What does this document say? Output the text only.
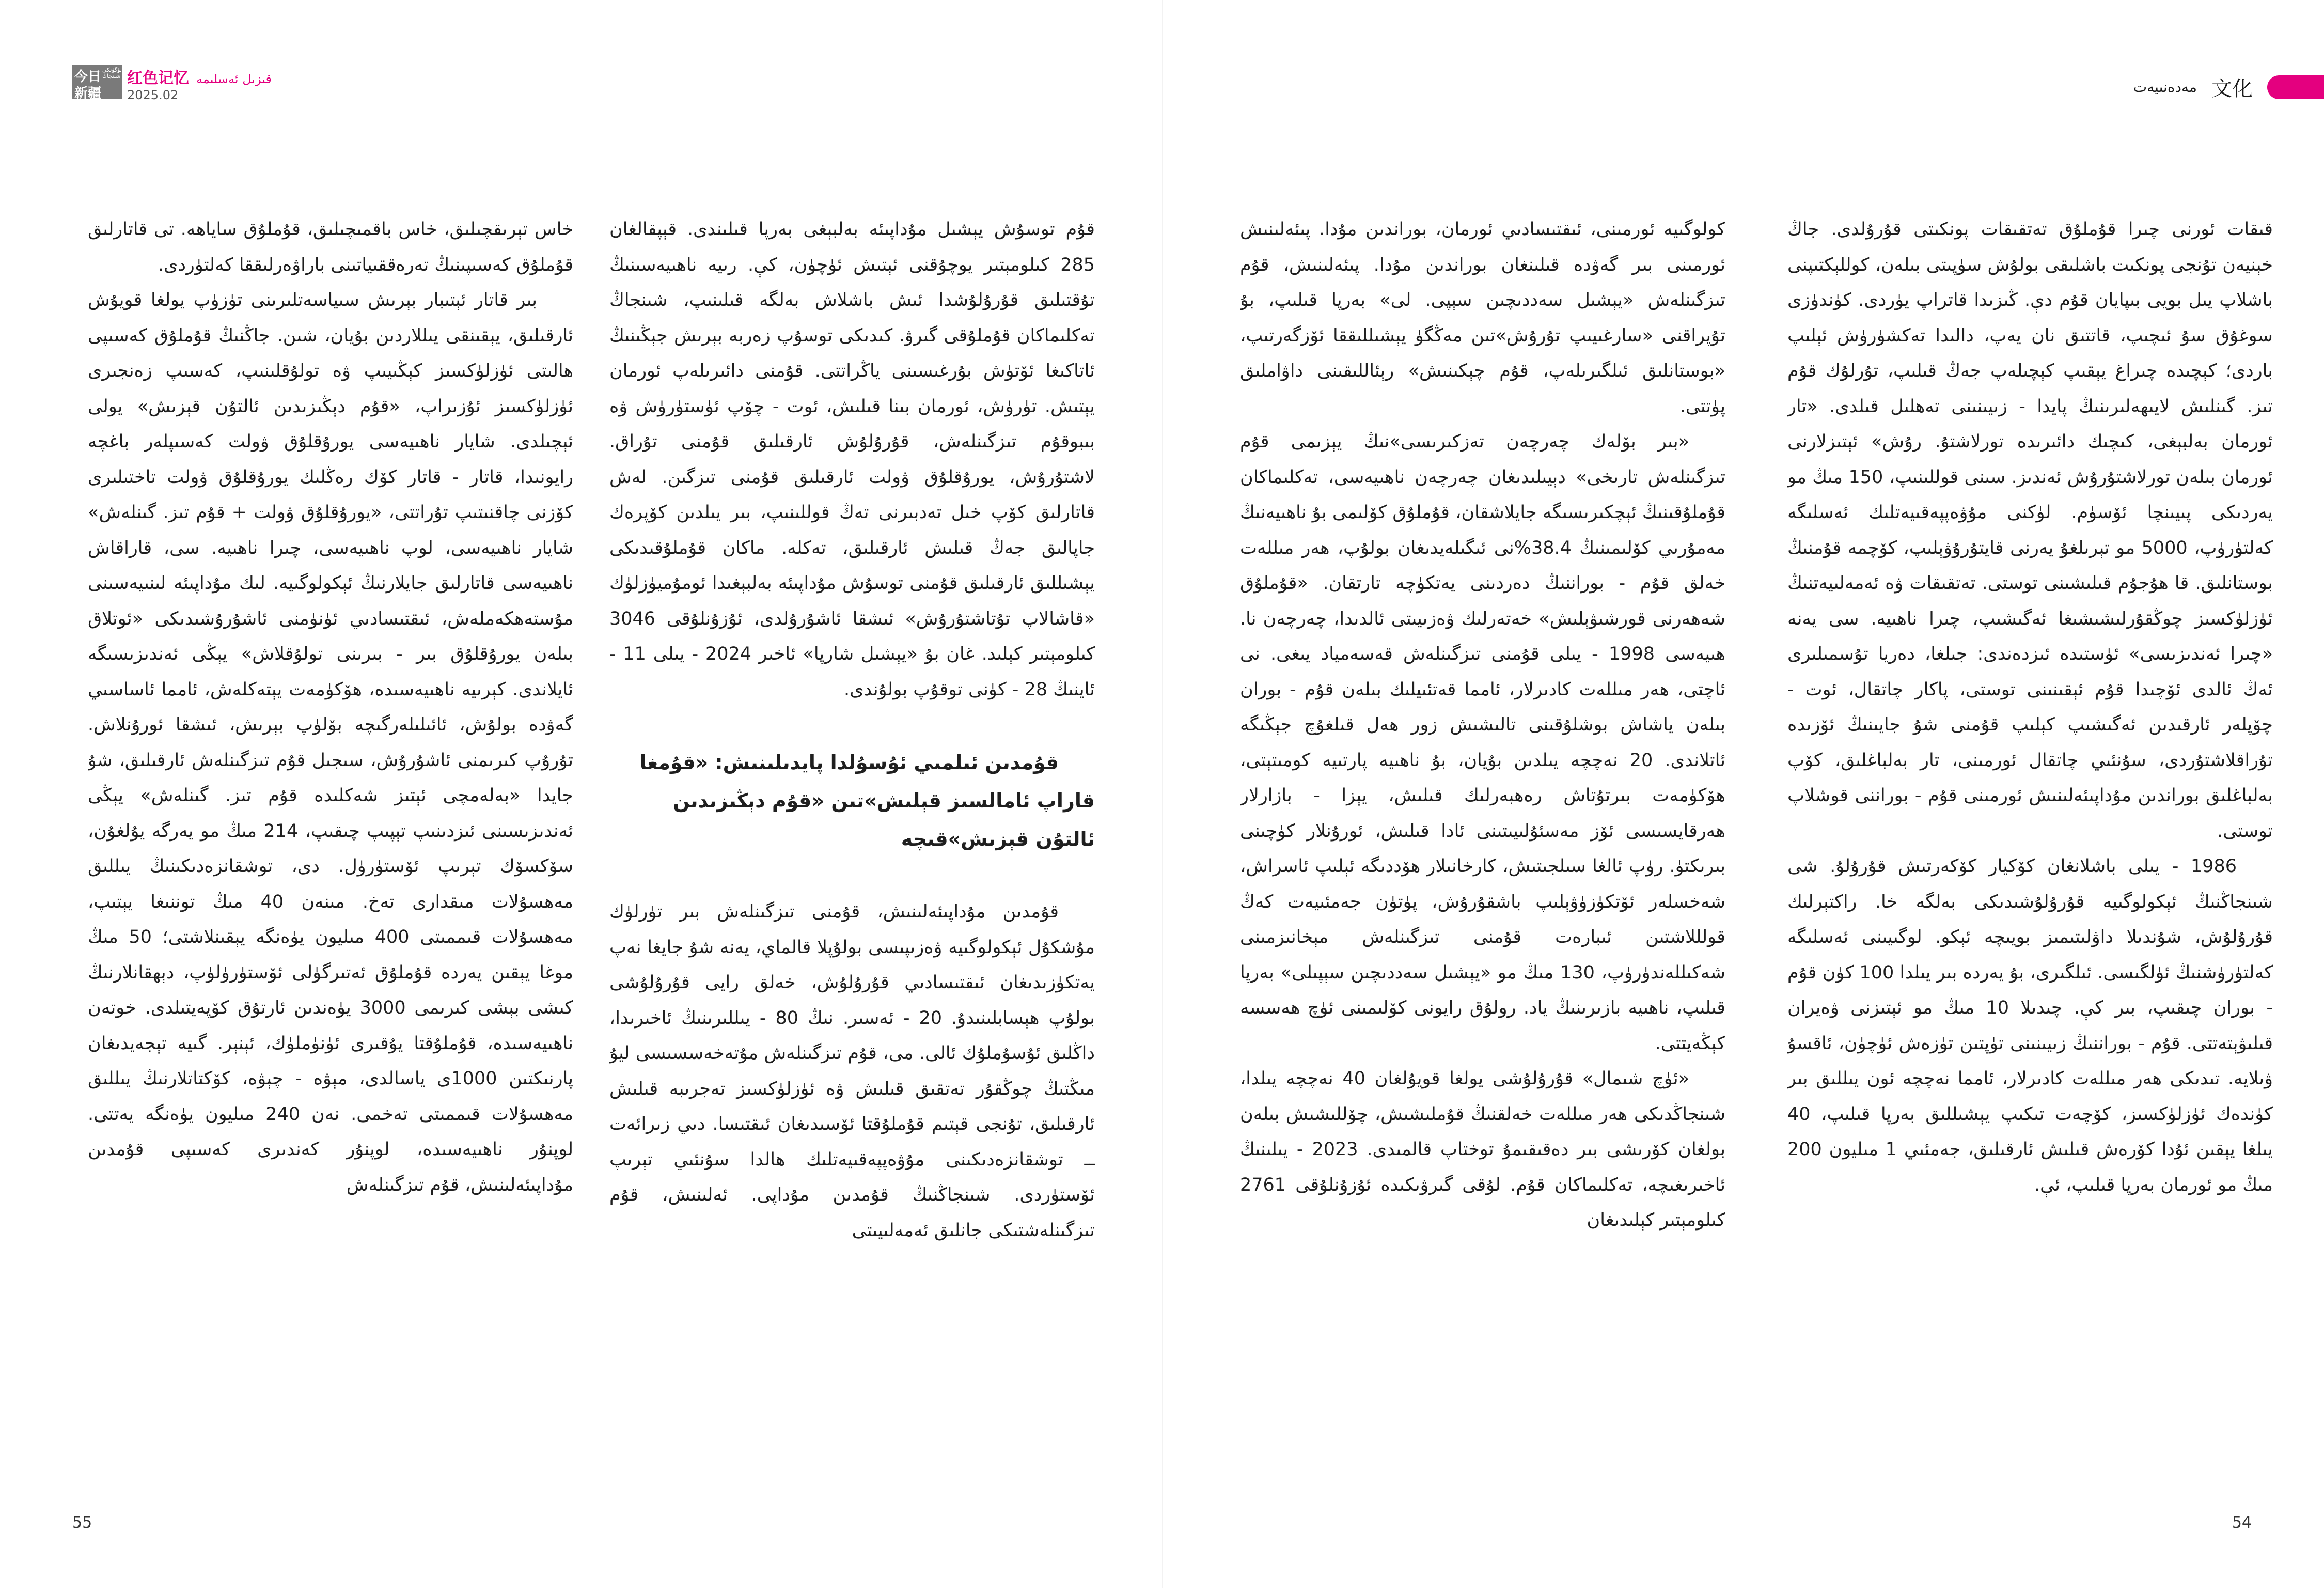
今日
新疆
بۈگۈنكى شىنجاڭ 红色记忆 قىزىل ئەسلىمە
2025.02

قۇم توسۇش يېشىل مۇداپىئە بەلبېغى بەرپا قىلىندى. قېپقالغان 285 كىلومېتىر يوچۇقنى ئېتىش ئۈچۈن، كې. رىيە ناھىيەسىنىڭ تۇقتىلىق قۇرۇلۇشدا ئىش باشلاش بەلگە قىلىنىپ، شىنجاڭ تەكلىماكان قۇملۇقى گىرۋ. كىدىكى توسۇپ زەربە بېرىش جېڭىنىڭ ئاتاكىغا ئۆتۈش بۇرغىسىنى ياڭراتتى. قۇمنى دائىرىلەپ ئورمان يېتىش. تۈرۈش، ئورمان بىنا قىلىش، ئوت - چۆپ ئۈستۈرۈش ۋە بىبوقۇم تىزگىنلەش، قۇرۇلۇش ئارقىلىق قۇمنى تۇراق. لاشتۇرۇش، يورۇقلۇق ۋولت ئارقىلىق قۇمنى تىزگىن. لەش قاتارلىق كۆپ خىل تەدبىرنى تەڭ قوللىنىپ، بىر يىلدىن كۆپرەك جاپالىق جەڭ قىلىش ئارقىلىق، تەكلە. ماكان قۇملۇقىدىكى يېشىللىق ئارقىلىق قۇمنى توسۇش مۇداپىئە بەلبېغىدا ئومۇميۈزلۈك «قاشالاپ تۇتاشتۇرۇش» ئىشقا ئاشۇرۇلدى، ئۇزۇنلۇقى 3046 كىلومېتىر كېلىد. غان بۇ «يېشىل شارپا» ئاخىر 2024 - يىلى 11 - ئاينىڭ 28 - كۈنى توقۇپ بولۇندى.

قۇمدىن ئىلمىي ئۇسۇلدا پايدىلىنىش: «قۇمغا قاراپ ئامالسىز قېلىش»تىن «قۇم دېڭىزىدىن ئالتۇن قېزىش»قىچە

قۇمدىن مۇداپىئەلىنىش، قۇمنى تىزگىنلەش بىر تۈرلۈك مۇشكۇل ئېكولوگىيە ۋەزىپىسى بولۇپلا قالماي، يەنە شۇ جايغا نەپ يەتكۈزىدىغان ئىقتىسادىي قۇرۇلۇش، خەلق رايى قۇرۇلۇشى بولۇپ ھېسابلىنىدۇ. 20 - ئەسىر. نىڭ 80 - يىللىرىنىڭ ئاخىرىدا، داڭلىق ئۇسۇملۇك ئالى. مى، قۇم تىزگىنلەش مۇتەخەسسىسى ليۇ مىڭتىڭ چوڭقۇر تەتقىق قىلىش ۋە ئۈزلۈكسىز تەجرىبە قىلىش ئارقىلىق، تۇنجى قېتىم قۇملۇقتا ئۆسىدىغان ئىقتىسا. دىي زىرائەت ــ توشقانزەدىكىنى مۇۋەپپەقىيەتلىك ھالدا سۇنئىي تېرىپ ئۆستۈردى. شىنجاڭنىڭ قۇمدىن مۇداپى. ئەلىنىش، قۇم تىزگىنلەشتىكى جانلىق ئەمەلىيىتى

خاس تېرىقچىلىق، خاس باقمىچىلىق، قۇملۇق ساياھە. تى قاتارلىق قۇملۇق كەسىپىنىڭ تەرەققىياتىنى باراۋەرلىققا كەلتۈردى.

بىر قاتار ئېتىبار بېرىش سىياسەتلىرىنى تۈزۈپ يولغا قويۇش ئارقىلىق، يېقىنقى يىللاردىن بۇيان، شىن. جاڭنىڭ قۇملۇق كەسىپى ھالىتى ئۈزلۈكسىز كېڭىيىپ ۋە تولۇقلىنىپ، كەسىپ زەنجىرى ئۈزلۈكسىز ئۇزىراپ، «قۇم دېڭىزىدىن ئالتۇن قېزىش» يولى ئېچىلدى. شايار ناھىيەسى يورۇقلۇق ۋولت كەسىپلەر باغچە رايونىدا، قاتار - قاتار كۆك رەڭلىك يورۇقلۇق ۋولت تاختىلىرى كۆزنى چاقنىتىپ تۇراتتى، «يورۇقلۇق ۋولت + قۇم تىز. گىنلەش» شايار ناھىيەسى، لوپ ناھىيەسى، چىرا ناھىيە. سى، قاراقاش ناھىيەسى قاتارلىق جايلارنىڭ ئېكولوگىيە. لىك مۇداپىئە لىنىيەسىنى مۇستەھكەملەش، ئىقتىسادىي ئۈنۈمنى ئاشۇرۇشىدىكى «ئوتلاق بىلەن يورۇقلۇق بىر - بىرىنى تولۇقلاش» يېڭى ئەندىزىسىگە ئايلاندى. كېرىيە ناھىيەسىدە، ھۆكۈمەت يېتەكلەش، ئامما ئاساسىي گەۋدە بولۇش، ئائىلىلەرگىچە بۆلۈپ بېرىش، ئىشقا ئورۇنلاش. تۇرۇپ كىرىمنى ئاشۇرۇش، سىجىل قۇم تىزگىنلەش ئارقىلىق، شۇ جايدا «بەلەمچى ئېتىز شەكلىدە قۇم تىز. گىنلەش» يېڭى ئەندىزىسىنى ئىزدىنىپ تېپىپ چىقىپ، 214 مىڭ مو يەرگە يۇلغۇن، سۆكسۆك تېرىپ ئۆستۈرۈل. دى، توشقانزەدىكىنىڭ يىللىق مەھسۇلات مىقدارى تەخ. مىنەن 40 مىڭ توننىغا يېتىپ، مەھسۇلات قىممىتى 400 مىليون يۈەنگە يېقىنلاشتى؛ 50 مىڭ موغا يېقىن يەردە قۇملۇق ئەتىرگۈلى ئۆستۈرۈلۈپ، دېھقانلارنىڭ كىشى بېشى كىرىمى 3000 يۈەندىن ئارتۇق كۆپەيتىلدى. خوتەن ناھىيەسىدە، قۇملۇقتا يۇقىرى ئۈنۈملۈك، ئېنېر. گىيە تېجەيدىغان پارنىكتىن 1000ى ياسالدى، مېۋە - چېۋە، كۆكتاتلارنىڭ يىللىق مەھسۇلات قىممىتى تەخمى. نەن 240 مىليون يۈەنگە يەتتى. لوپنۇر ناھىيەسىدە، لوپنۇر كەندىرى كەسىپى قۇمدىن مۇداپىئەلىنىش، قۇم تىزگىنلەش

55
مەدەنىيەت 文化

قىقات ئورنى چىرا قۇملۇق تەتقىقات پونكىتى قۇرۇلدى. جاڭ خېنيەن تۇنجى پونكىت باشلىقى بولۇش سۈپىتى بىلەن، كوللېكتىپنى باشلاپ يىل بويى بىپايان قۇم دې. ڭىزىدا قاتراپ يۈردى. كۈندۈزى سوغۇق سۇ ئىچىپ، قاتتىق نان يەپ، دالىدا تەكشۈرۈش ئېلىپ باردى؛ كېچىدە چىراغ يېقىپ كېچىلەپ جەڭ قىلىپ، تۇرلۇك قۇم تىز. گىنلىش لايىھەلىرىنىڭ پايدا - زىيىنىنى تەھلىل قىلدى. «تار ئورمان بەلبېغى، كىچىك دائىرىدە تورلاشتۇ. رۇش» ئېتىزلارنى ئورمان بىلەن تورلاشتۇرۇش ئەندىز. سىنى قوللىنىپ، 150 مىڭ مو يەردىكى پىيىنچا ئۆسۈم. لۈكنى مۇۋەپپەقىيەتلىك ئەسلىگە كەلتۈرۈپ، 5000 مو تېرىلغۇ يەرنى قايتۇرۇۋېلىپ، كۆچمە قۇمنىڭ بوستانلىق. قا ھۇجۇم قىلىشىنى توستى. تەتقىقات ۋە ئەمەلىيەتنىڭ ئۈزلۈكسىز چوڭقۇرلىشىشىغا ئەگىشىپ، چىرا ناھىيە. سى يەنە «چىرا ئەندىزىسى» ئۈستىدە ئىزدەندى: جىلغا، دەريا تۇسمىلىرى ئەڭ ئالدى ئۆچىدا قۇم ئېقىنىنى توستى، پاكار چاتقال، ئوت - چۆپلەر ئارقىدىن ئەگىشىپ كېلىپ قۇمنى شۇ جايىنىڭ ئۆزىدە تۇراقلاشتۇردى، سۇنئىي چاتقال ئورمىنى، تار بەلباغلىق، كۆپ بەلباغلىق بوراندىن مۇداپىئەلىنىش ئورمىنى قۇم - بوراننى قوشلاپ توستى.

1986 - يىلى باشلانغان كۆكيار كۆكەرتىش قۇرۇلۇ. شى شىنجاڭنىڭ ئېكولوگىيە قۇرۇلۇشىدىكى بەلگە خا. راكتېرلىك قۇرۇلۇش، شۇندىلا داۋلىتىمىز بويىچە ئېكو. لوگىيىنى ئەسلىگە كەلتۈرۈشنىڭ ئۈلگىسى. ئىلگىرى، بۇ يەردە بىر يىلدا 100 كۈن قۇم - بوران چىقىپ، بىر كې. چىدىلا 10 مىڭ مو ئېتىزنى ۋەيران قىلىۋېتەتتى. قۇم - بوراننىڭ زىيىنىنى تۈپتىن تۈزەش ئۈچۈن، ئاقسۇ ۋىلايە. تىدىكى ھەر مىللەت كادىرلار، ئامما نەچچە ئون يىللىق بىر كۈندەك ئۈزلۈكسىز، كۆچەت تىكىپ يېشىللىق بەرپا قىلىپ، 40 يىلغا يېقىن ئۇدا كۆرەش قىلىش ئارقىلىق، جەمئىي 1 مىليون 200 مىڭ مو ئورمان بەرپا قىلىپ، ئې.

كولوگىيە ئورمىنى، ئىقتىسادىي ئورمان، بوراندىن مۇدا. پىئەلىنىش ئورمىنى بىر گەۋدە قىلىنغان بوراندىن مۇدا. پىئەلىنىش، قۇم تىزگىنلەش «يېشىل سەددىچىن سېپى. لى» بەرپا قىلىپ، بۇ تۇپراقنى «سارغىيىپ تۇرۇش»تىن مەڭگۈ يېشىللىققا ئۆزگەرتىپ، «بوستانلىق ئىلگىرىلەپ، قۇم چېكىنىش» رېئاللىقىنى داۋاملىق پۈتتى.

«بىر بۆلەك چەرچەن تەزكىرىسى»نىڭ يېزىمى قۇم تىزگىنلەش تارىخى» دېيىلىدىغان چەرچەن ناھىيەسى، تەكلىماكان قۇملۇقىنىڭ ئېچكىرىسىگە جايلاشقان، قۇملۇق كۆلىمى بۇ ناھىيەنىڭ مەمۇرىي كۆلىمىنىڭ 38.4%نى ئىگىلەيدىغان بولۇپ، ھەر مىللەت خەلق قۇم - بوراننىڭ دەردىنى يەتكۈچە تارتقان. «قۇملۇق شەھەرنى قورشىۋېلىش» خەتەرلىك ۋەزىيىتى ئالدىدا، چەرچەن نا. ھىيەسى 1998 - يىلى قۇمنى تىزگىنلەش قەسەمياد يىغى. نى ئاچتى، ھەر مىللەت كادىرلار، ئامما قەتئىيلىك بىلەن قۇم - بوران بىلەن ياشاش بوشلۇقىنى تالىشىش زور ھەل قىلغۇچ جېڭىگە ئاتلاندى. 20 نەچچە يىلدىن بۇيان، بۇ ناھىيە پارتىيە كومىتېتى، ھۆكۈمەت بىرتۇتاش رەھبەرلىك قىلىش، يېزا - بازارلار ھەرقايسىسى ئۆز مەسئۇلىيىتىنى ئادا قىلىش، ئورۇنلار كۈچىنى بىرىكتۈ. رۈپ ئالغا سىلجىتىش، كارخانىلار ھۆددىگە ئېلىپ ئاسراش، شەخسلەر ئۆتكۈزۈۋېلىپ باشقۇرۇش، پۈتۈن جەمئىيەت كەڭ قولللاشتىن ئىبارەت قۇمنى تىزگىنلەش مېخانىزمىنى شەكىللەندۈرۈپ، 130 مىڭ مو «يېشىل سەددىچىن سېپىلى» بەرپا قىلىپ، ناھىيە بازىرىنىڭ ياد. رولۇق رايونى كۆلىمىنى ئۈچ ھەسسە كېڭەيتتى.

«ئۈچ شىمال» قۇرۇلۇشى يولغا قويۇلغان 40 نەچچە يىلدا، شىنجاڭدىكى ھەر مىللەت خەلقنىڭ قۇملىشىش، چۆللىشىش بىلەن بولغان كۆرىشى بىر دەقىقىمۇ توختاپ قالمىدى. 2023 - يىلىنىڭ ئاخىرىغىچە، تەكلىماكان قۇم. لۇقى گىرۋىكىدە ئۇزۇنلۇقى 2761 كىلومېتىر كېلىدىغان

54
